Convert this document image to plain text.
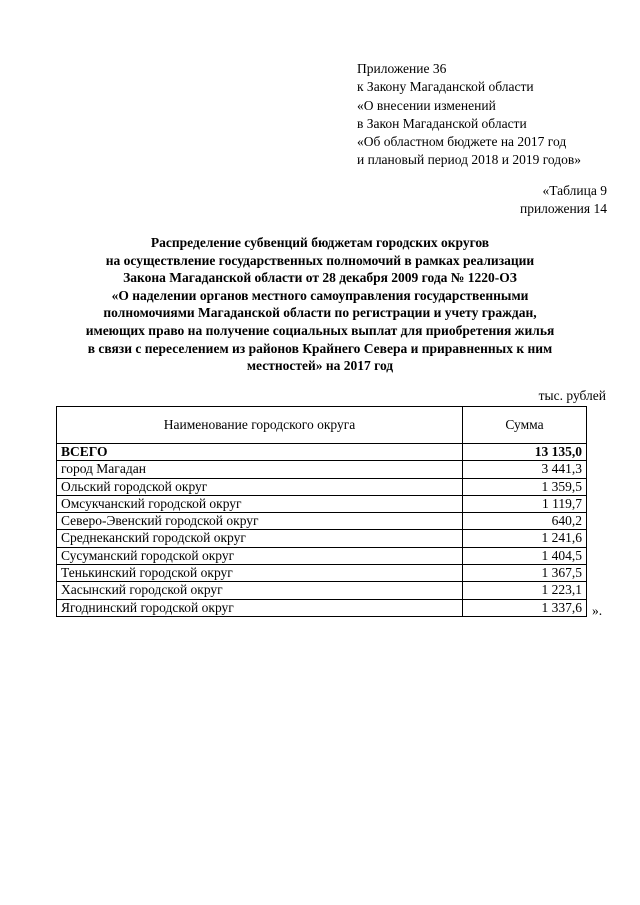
Приложение 36
к Закону Магаданской области
«О внесении изменений
в Закон Магаданской области
«Об областном бюджете на 2017 год
и плановый период 2018 и 2019 годов»
«Таблица 9
приложения 14
Распределение субвенций бюджетам городских округов
на осуществление государственных полномочий в рамках реализации
Закона Магаданской области от 28 декабря 2009 года № 1220-ОЗ
«О наделении органов местного самоуправления государственными
полномочиями Магаданской области по регистрации и учету граждан,
имеющих право на получение социальных выплат для приобретения жилья
в связи с переселением из районов Крайнего Севера и приравненных к ним
местностей» на 2017 год
тыс. рублей
Наименование городского округа	Сумма
ВСЕГО	13 135,0
город Магадан	3 441,3
Ольский городской округ	1 359,5
Омсукчанский городской округ	1 119,7
Северо-Эвенский городской округ	640,2
Среднеканский городской округ	1 241,6
Сусуманский городской округ	1 404,5
Тенькинский городской округ	1 367,5
Хасынский городской округ	1 223,1
Ягоднинский городской округ	1 337,6 ».
